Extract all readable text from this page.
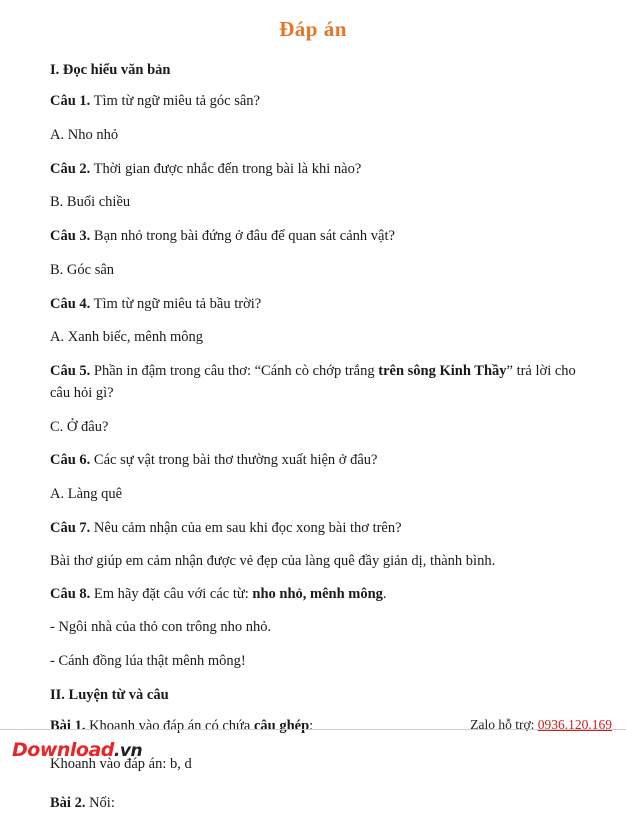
Đáp án
I. Đọc hiểu văn bản

Câu 1. Tìm từ ngữ miêu tả góc sân?

A. Nho nhỏ

Câu 2. Thời gian được nhắc đến trong bài là khi nào?

B. Buổi chiều

Câu 3. Bạn nhỏ trong bài đứng ở đâu để quan sát cảnh vật?

B. Góc sân

Câu 4. Tìm từ ngữ miêu tả bầu trời?

A. Xanh biếc, mênh mông

Câu 5. Phần in đậm trong câu thơ: “Cánh cò chớp trắng trên sông Kinh Thầy” trả lời cho câu hỏi gì?

C. Ở đâu?

Câu 6. Các sự vật trong bài thơ thường xuất hiện ở đâu?

A. Làng quê

Câu 7. Nêu cảm nhận của em sau khi đọc xong bài thơ trên?

Bài thơ giúp em cảm nhận được vẻ đẹp của làng quê đầy giản dị, thành bình.

Câu 8. Em hãy đặt câu với các từ: nho nhỏ, mênh mông.

- Ngôi nhà của thỏ con trông nho nhỏ.

- Cánh đồng lúa thật mênh mông!

II. Luyện từ và câu

Bài 1. Khoanh vào đáp án có chứa câu ghép:

Khoanh vào đáp án: b, d

Bài 2. Nối:

Zalo hỗ trợ: 0936.120.169
Download.vn
